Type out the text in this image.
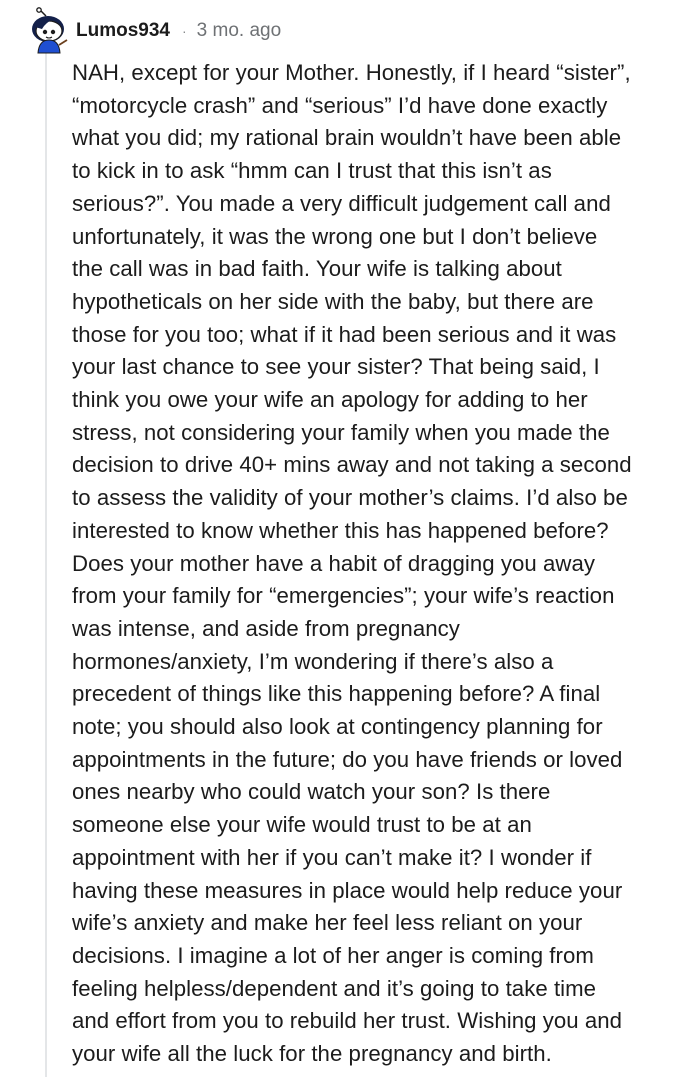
Lumos934 · 3 mo. ago

NAH, except for your Mother. Honestly, if I heard “sister”,
“motorcycle crash” and “serious” I’d have done exactly
what you did; my rational brain wouldn’t have been able
to kick in to ask “hmm can I trust that this isn’t as
serious?”. You made a very difficult judgement call and
unfortunately, it was the wrong one but I don’t believe
the call was in bad faith. Your wife is talking about
hypotheticals on her side with the baby, but there are
those for you too; what if it had been serious and it was
your last chance to see your sister? That being said, I
think you owe your wife an apology for adding to her
stress, not considering your family when you made the
decision to drive 40+ mins away and not taking a second
to assess the validity of your mother’s claims. I’d also be
interested to know whether this has happened before?
Does your mother have a habit of dragging you away
from your family for “emergencies”; your wife’s reaction
was intense, and aside from pregnancy
hormones/anxiety, I’m wondering if there’s also a
precedent of things like this happening before? A final
note; you should also look at contingency planning for
appointments in the future; do you have friends or loved
ones nearby who could watch your son? Is there
someone else your wife would trust to be at an
appointment with her if you can’t make it? I wonder if
having these measures in place would help reduce your
wife’s anxiety and make her feel less reliant on your
decisions. I imagine a lot of her anger is coming from
feeling helpless/dependent and it’s going to take time
and effort from you to rebuild her trust. Wishing you and
your wife all the luck for the pregnancy and birth.
